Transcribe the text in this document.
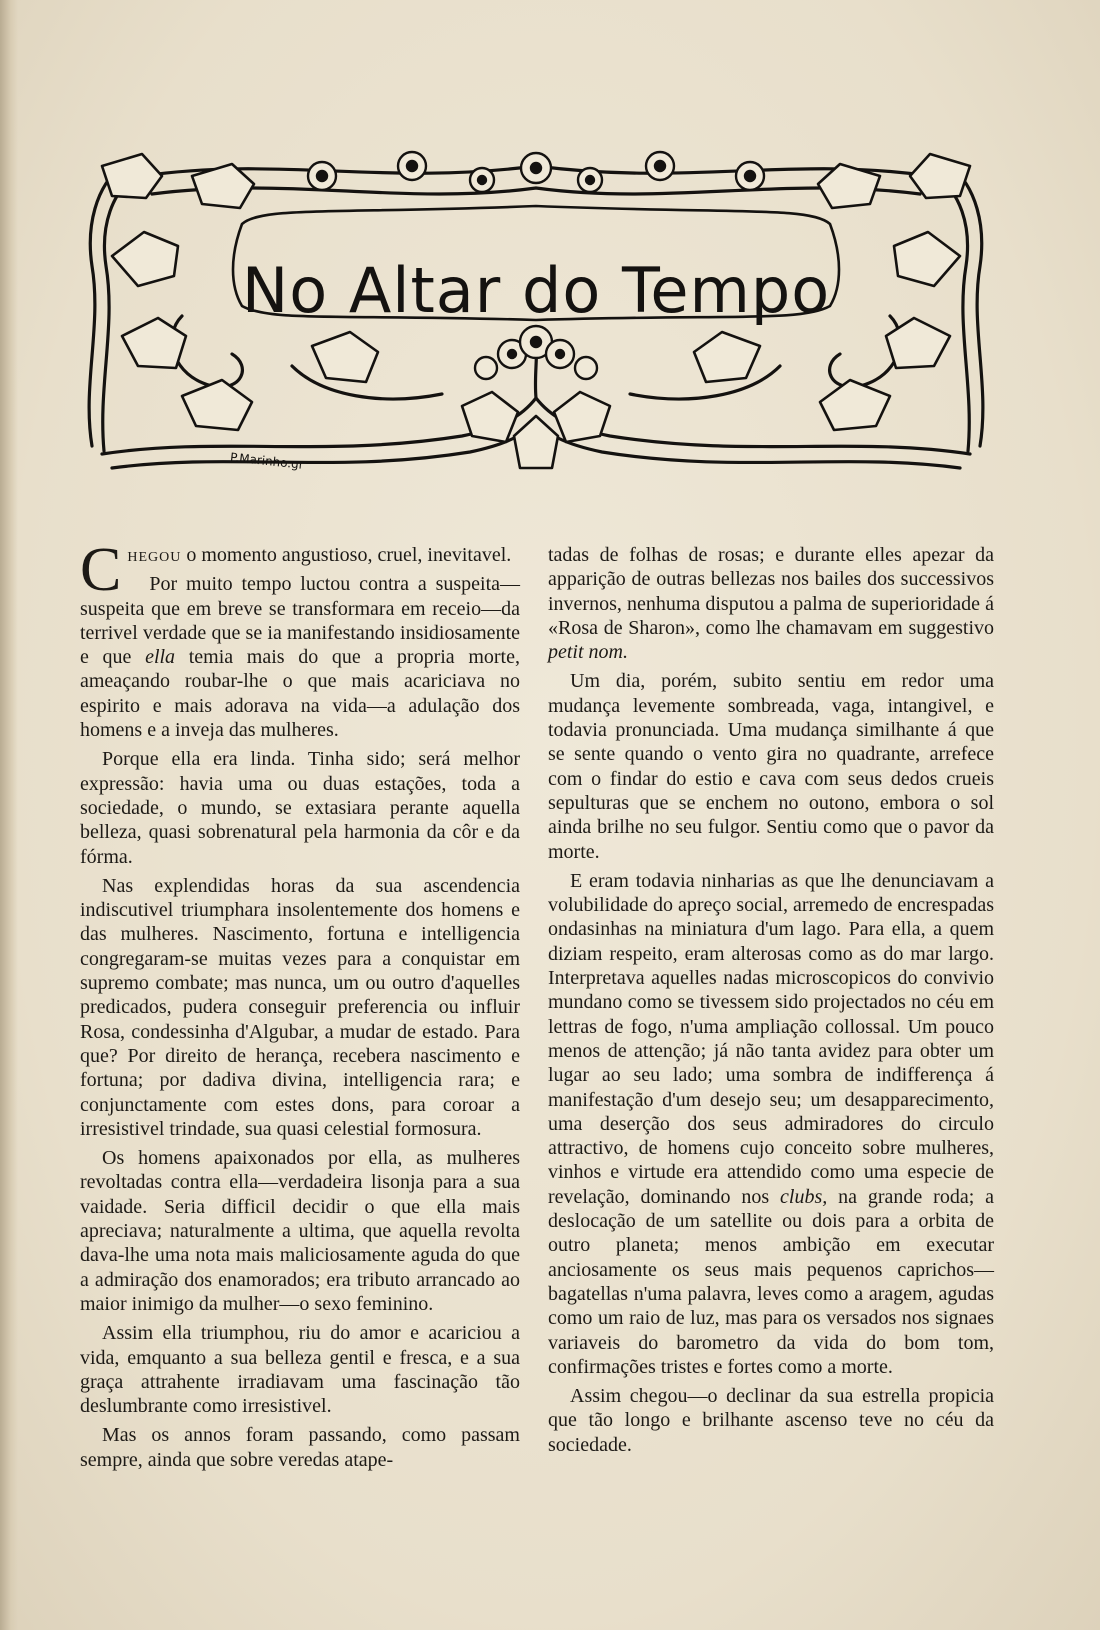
No Altar do Tempo
P.Marinho.gr

Chegou o momento angustioso, cruel, inevitavel.

Por muito tempo luctou contra a suspeita—suspeita que em breve se transformara em receio—da terrivel verdade que se ia manifestando insidiosamente e que ella temia mais do que a propria morte, ameaçando roubar-lhe o que mais acariciava no espirito e mais adorava na vida—a adulação dos homens e a inveja das mulheres.

Porque ella era linda. Tinha sido; será melhor expressão: havia uma ou duas estações, toda a sociedade, o mundo, se extasiara perante aquella belleza, quasi sobrenatural pela harmonia da côr e da fórma.

Nas explendidas horas da sua ascendencia indiscutivel triumphara insolentemente dos homens e das mulheres. Nascimento, fortuna e intelligencia congregaram-se muitas vezes para a conquistar em supremo combate; mas nunca, um ou outro d'aquelles predicados, pudera conseguir preferencia ou influir Rosa, condessinha d'Algubar, a mudar de estado. Para que? Por direito de herança, recebera nascimento e fortuna; por dadiva divina, intelligencia rara; e conjunctamente com estes dons, para coroar a irresistivel trindade, sua quasi celestial formosura.

Os homens apaixonados por ella, as mulheres revoltadas contra ella—verdadeira lisonja para a sua vaidade. Seria difficil decidir o que ella mais apreciava; naturalmente a ultima, que aquella revolta dava-lhe uma nota mais maliciosamente aguda do que a admiração dos enamorados; era tributo arrancado ao maior inimigo da mulher—o sexo feminino.

Assim ella triumphou, riu do amor e acariciou a vida, emquanto a sua belleza gentil e fresca, e a sua graça attrahente irradiavam uma fascinação tão deslumbrante como irresistivel.

Mas os annos foram passando, como passam sempre, ainda que sobre veredas atape-

tadas de folhas de rosas; e durante elles apezar da apparição de outras bellezas nos bailes dos successivos invernos, nenhuma disputou a palma de superioridade á «Rosa de Sharon», como lhe chamavam em suggestivo petit nom.

Um dia, porém, subito sentiu em redor uma mudança levemente sombreada, vaga, intangivel, e todavia pronunciada. Uma mudança similhante á que se sente quando o vento gira no quadrante, arrefece com o findar do estio e cava com seus dedos crueis sepulturas que se enchem no outono, embora o sol ainda brilhe no seu fulgor. Sentiu como que o pavor da morte.

E eram todavia ninharias as que lhe denunciavam a volubilidade do apreço social, arremedo de encrespadas ondasinhas na miniatura d'um lago. Para ella, a quem diziam respeito, eram alterosas como as do mar largo. Interpretava aquelles nadas microscopicos do convivio mundano como se tivessem sido projectados no céu em lettras de fogo, n'uma ampliação collossal. Um pouco menos de attenção; já não tanta avidez para obter um lugar ao seu lado; uma sombra de indifferença á manifestação d'um desejo seu; um desapparecimento, uma deserção dos seus admiradores do circulo attractivo, de homens cujo conceito sobre mulheres, vinhos e virtude era attendido como uma especie de revelação, dominando nos clubs, na grande roda; a deslocação de um satellite ou dois para a orbita de outro planeta; menos ambição em executar anciosamente os seus mais pequenos caprichos—bagatellas n'uma palavra, leves como a aragem, agudas como um raio de luz, mas para os versados nos signaes variaveis do barometro da vida do bom tom, confirmações tristes e fortes como a morte.

Assim chegou—o declinar da sua estrella propicia que tão longo e brilhante ascenso teve no céu da sociedade.
